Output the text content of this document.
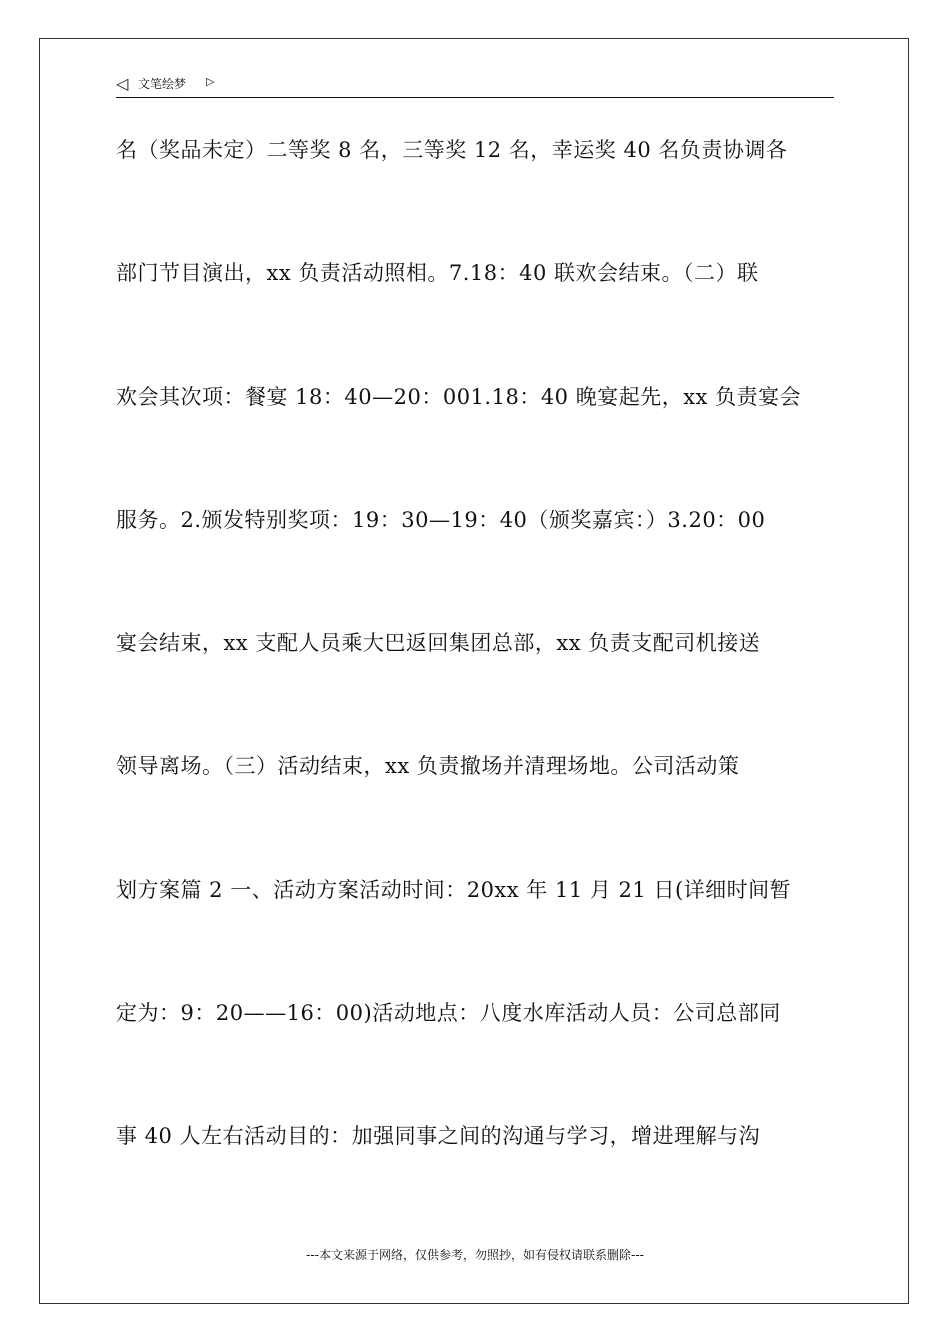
◁ 文笔绘梦 ▷
名（奖品未定）二等奖 8 名，三等奖 12 名，幸运奖 40 名负责协调各
部门节目演出，xx 负责活动照相。7.18：40 联欢会结束。（二）联
欢会其次项：餐宴 18：40—20：001.18：40 晚宴起先，xx 负责宴会
服务。2.颁发特别奖项：19：30—19：40（颁奖嘉宾：）3.20：00
宴会结束，xx 支配人员乘大巴返回集团总部，xx 负责支配司机接送
领导离场。（三）活动结束，xx 负责撤场并清理场地。公司活动策
划方案篇 2 一、活动方案活动时间：20xx 年 11 月 21 日(详细时间暂
定为：9：20——16：00)活动地点：八度水库活动人员：公司总部同
事 40 人左右活动目的：加强同事之间的沟通与学习，增进理解与沟
---本文来源于网络，仅供参考，勿照抄，如有侵权请联系删除---
